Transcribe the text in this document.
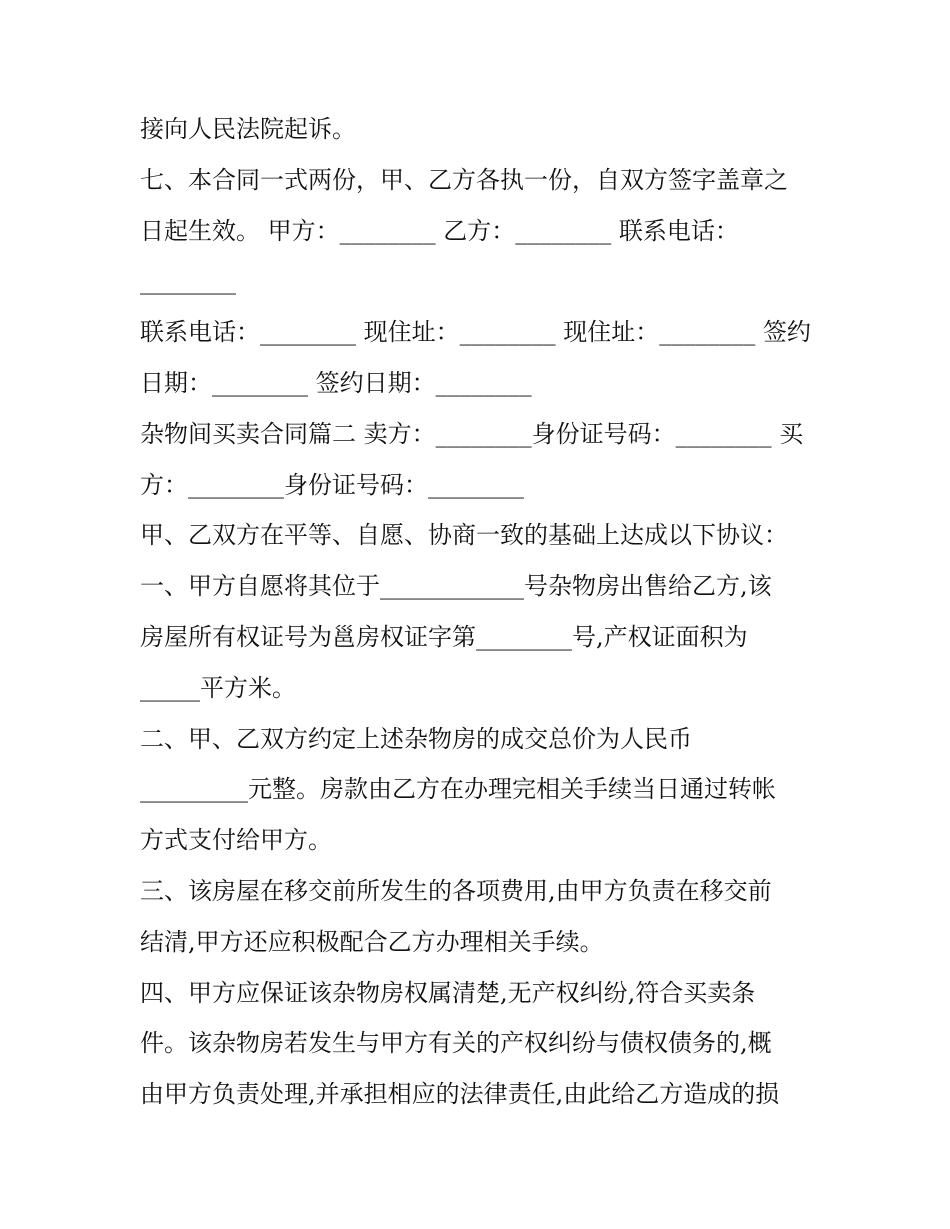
接向人民法院起诉。
七、本合同一式两份，甲、乙方各执一份，自双方签字盖章之
日起生效。 甲方：________ 乙方：________ 联系电话：
________
联系电话：________ 现住址：________ 现住址：________ 签约
日期：________ 签约日期：________
杂物间买卖合同篇二 卖方：________身份证号码：________ 买
方：________身份证号码：________
甲、乙双方在平等、自愿、协商一致的基础上达成以下协议：
一、甲方自愿将其位于____________号杂物房出售给乙方,该
房屋所有权证号为邕房权证字第________号,产权证面积为
_____平方米。
二、甲、乙双方约定上述杂物房的成交总价为人民币
_________元整。房款由乙方在办理完相关手续当日通过转帐
方式支付给甲方。
三、该房屋在移交前所发生的各项费用,由甲方负责在移交前
结清,甲方还应积极配合乙方办理相关手续。
四、甲方应保证该杂物房权属清楚,无产权纠纷,符合买卖条
件。该杂物房若发生与甲方有关的产权纠纷与债权债务的,概
由甲方负责处理,并承担相应的法律责任,由此给乙方造成的损
